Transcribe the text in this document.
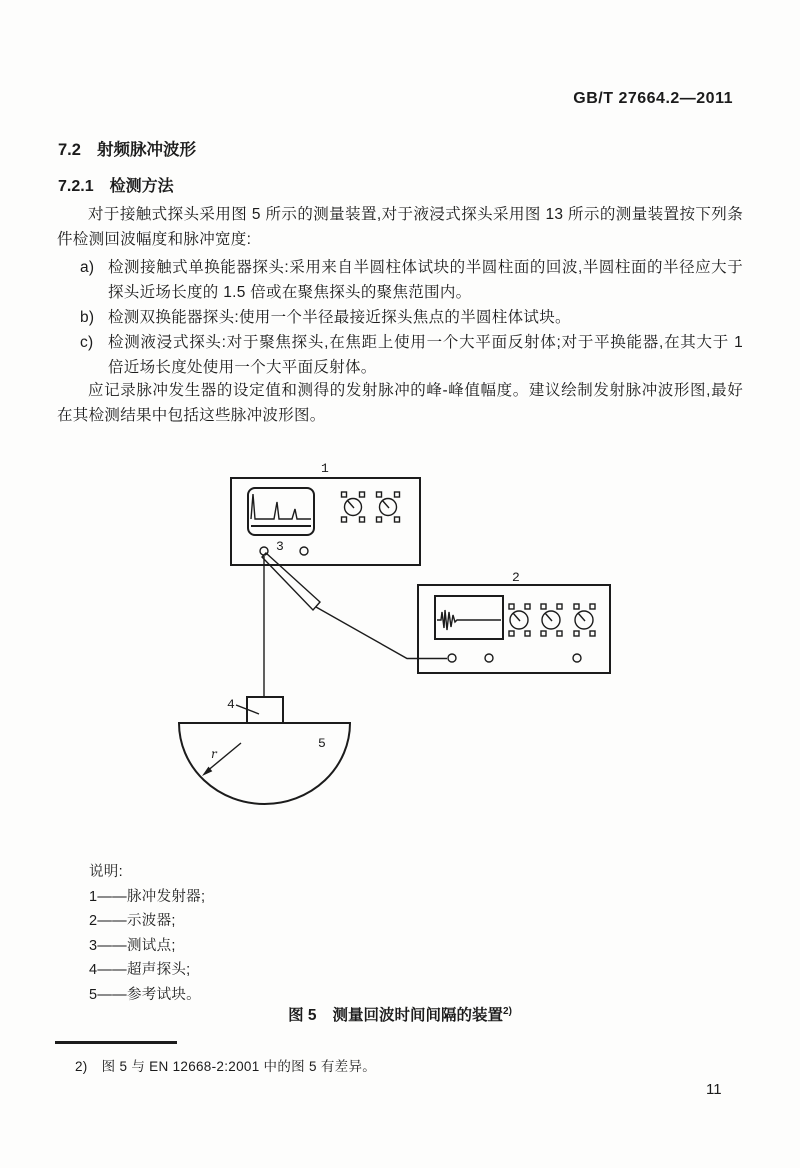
GB/T 27664.2—2011
7.2 射频脉冲波形
7.2.1 检测方法
对于接触式探头采用图 5 所示的测量装置,对于液浸式探头采用图 13 所示的测量装置按下列条件检测回波幅度和脉冲宽度:
a) 检测接触式单换能器探头:采用来自半圆柱体试块的半圆柱面的回波,半圆柱面的半径应大于探头近场长度的 1.5 倍或在聚焦探头的聚焦范围内。
b) 检测双换能器探头:使用一个半径最接近探头焦点的半圆柱体试块。
c) 检测液浸式探头:对于聚焦探头,在焦距上使用一个大平面反射体;对于平换能器,在其大于 1 倍近场长度处使用一个大平面反射体。
应记录脉冲发生器的设定值和测得的发射脉冲的峰-峰值幅度。建议绘制发射脉冲波形图,最好在其检测结果中包括这些脉冲波形图。
1
3
2
4
5
r
说明:
1——脉冲发射器;
2——示波器;
3——测试点;
4——超声探头;
5——参考试块。
图 5 测量回波时间间隔的装置$^{2)}$
2) 图 5 与 EN 12668-2:2001 中的图 5 有差异。
11
